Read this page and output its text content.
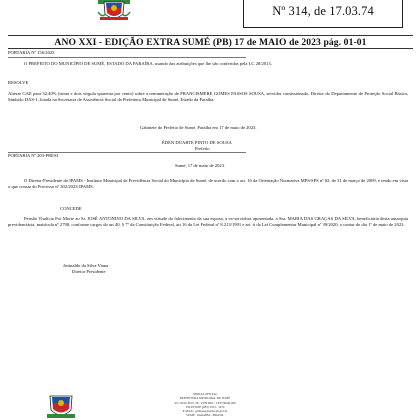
Nº 314, de 17.03.74
ANO XXI - EDIÇÃO EXTRA SUMÉ (PB) 17 de MAIO de 2023 pág. 01-01
PORTARIA Nº 156/2023
O PREFEITO DO MUNICÍPIO DE SUMÉ, ESTADO DA PARAÍBA, usando das atribuições que lhe são conferidas pela LC 28/2013,
RESOLVE
Alterar GAE para 32,40% (trinta e dois vírgula quarenta por cento) sobre a remuneração de FRANCISMERE GOMES PASSOS SOUSA, servidor comissionado, Diretor do Departamento de Proteção Social Básica, Símbolo DAS-1, lotada na Secretaria de Assistência Social da Prefeitura Municipal de Sumé, Estado da Paraíba.
Gabinete do Prefeito de Sumé, Paraíba em 17 de maio de 2023.
ÉDEN DUARTE PINTO DE SOUSA
Prefeito
PORTARIA Nº 203-PRESI
Sumé, 17 de maio de 2023.
O Diretor-Presidente do IPAMS - Instituto Municipal de Previdência Social do Município de Sumé, de acordo com o art. 16 da Orientação Normativa MPS/SPS nº 02, de 31 de março de 2009, e tendo em vista o que consta do Processo nº 302/2023-IPAMS.
CONCEDE
Pensão Vitalícia Por Morte ao Sr. JOSÉ ANTONINO DA SILVA, em virtude do falecimento da sua esposa, a ex-servidora aposentada, a Sra. MARIA DAS GRAÇAS DA SILVA, beneficiária desta autarquia previdenciária, matrícula nº 2798, conforme cargos do art 40, § 7º da Constituição Federal, art 16 da Lei Federal nº 8.213/1991 e art. tt da Lei Complementar Municipal nº 39/2020, a contar do dia 1º de maio de 2023.
Josinaldo da Silva Viana
Diretor Presidente
JORNAL OFICIAL
PREFEITURA MUNICIPAL DE SUMÉ
AV. OTACÍLIO, 38 - CENTRO - CEP 58540-000
TELEFONE (083) 3353 - 1074
E-MAIL: gabinete@sume.pb.gov.br
SUMÉ - PARAÍBA - BRASIL
